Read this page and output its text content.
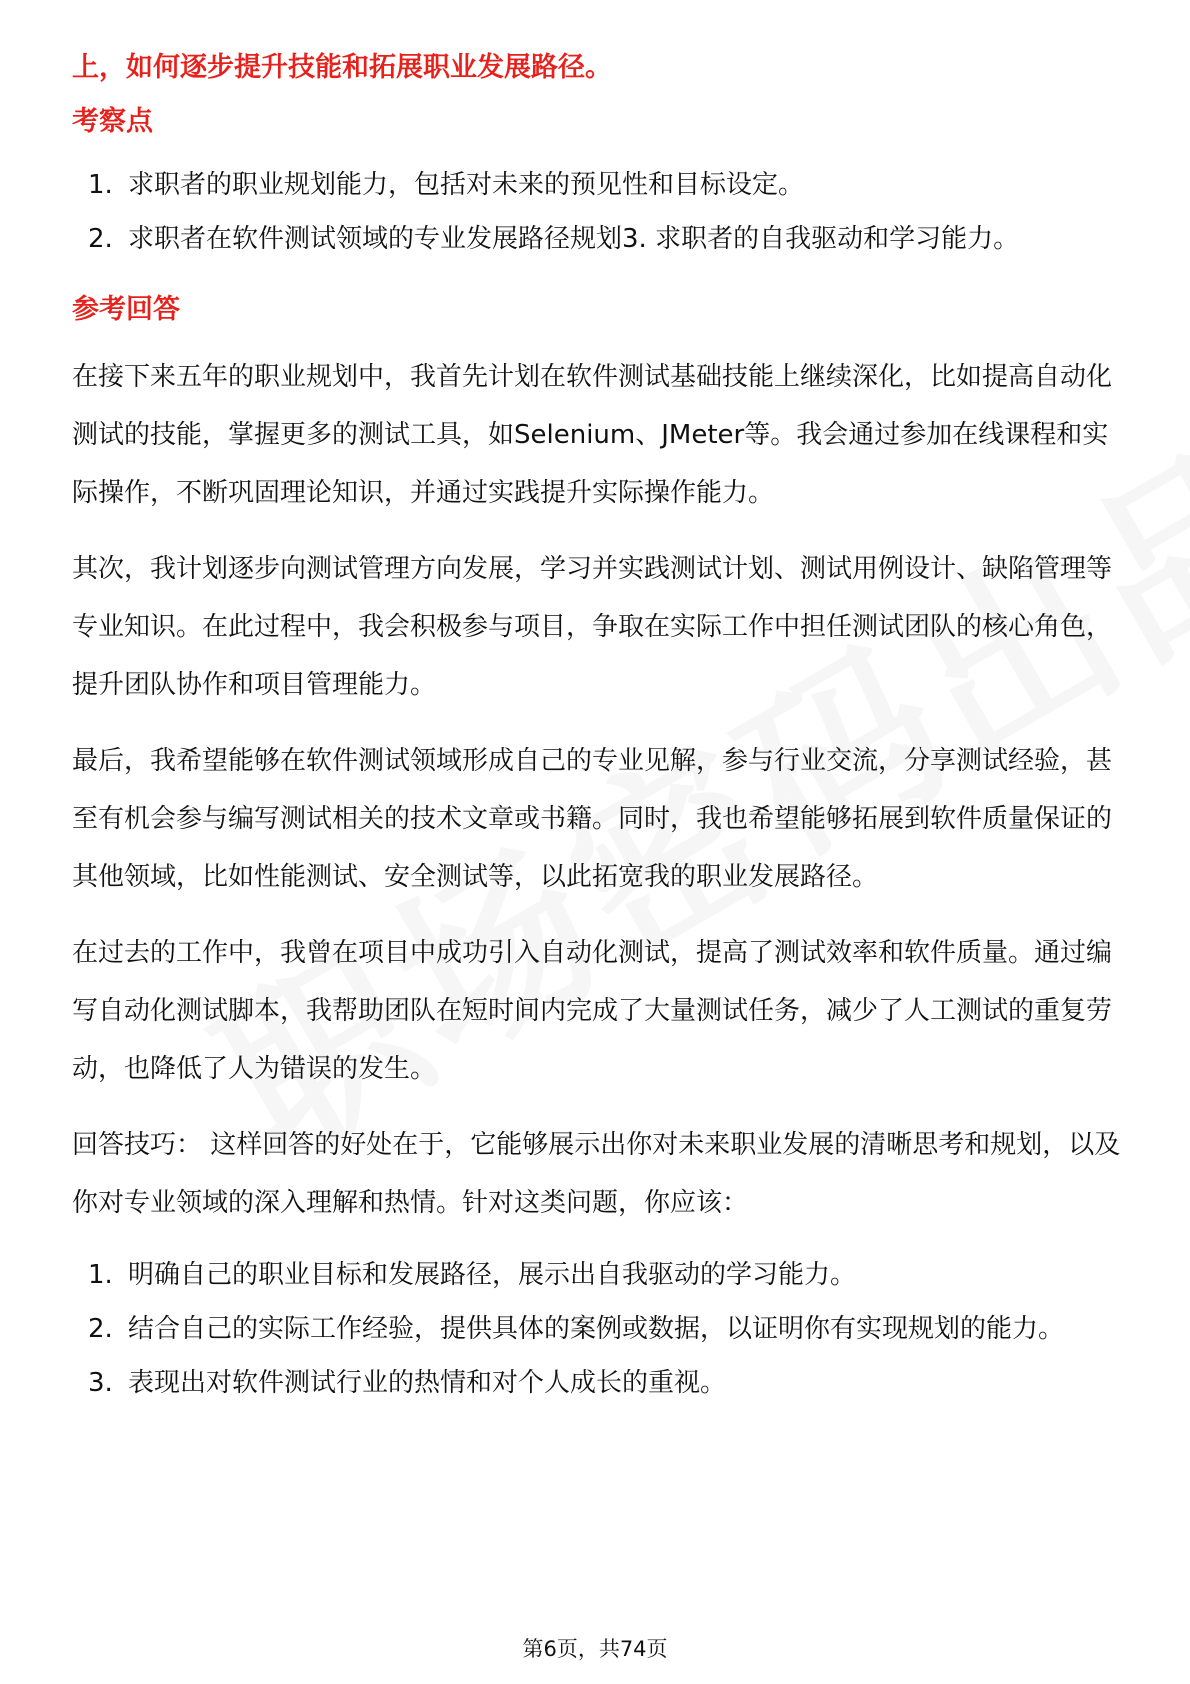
上，如何逐步提升技能和拓展职业发展路径。

考察点

1. 求职者的职业规划能力，包括对未来的预见性和目标设定。
2. 求职者在软件测试领域的专业发展路径规划3. 求职者的自我驱动和学习能力。

参考回答

在接下来五年的职业规划中，我首先计划在软件测试基础技能上继续深化，比如提高自动化测试的技能，掌握更多的测试工具，如Selenium、JMeter等。我会通过参加在线课程和实际操作，不断巩固理论知识，并通过实践提升实际操作能力。

其次，我计划逐步向测试管理方向发展，学习并实践测试计划、测试用例设计、缺陷管理等专业知识。在此过程中，我会积极参与项目，争取在实际工作中担任测试团队的核心角色，提升团队协作和项目管理能力。

最后，我希望能够在软件测试领域形成自己的专业见解，参与行业交流，分享测试经验，甚至有机会参与编写测试相关的技术文章或书籍。同时，我也希望能够拓展到软件质量保证的其他领域，比如性能测试、安全测试等，以此拓宽我的职业发展路径。

在过去的工作中，我曾在项目中成功引入自动化测试，提高了测试效率和软件质量。通过编写自动化测试脚本，我帮助团队在短时间内完成了大量测试任务，减少了人工测试的重复劳动，也降低了人为错误的发生。

回答技巧： 这样回答的好处在于，它能够展示出你对未来职业发展的清晰思考和规划，以及你对专业领域的深入理解和热情。针对这类问题，你应该：

1. 明确自己的职业目标和发展路径，展示出自我驱动的学习能力。
2. 结合自己的实际工作经验，提供具体的案例或数据，以证明你有实现规划的能力。
3. 表现出对软件测试行业的热情和对个人成长的重视。
第6页，共74页
